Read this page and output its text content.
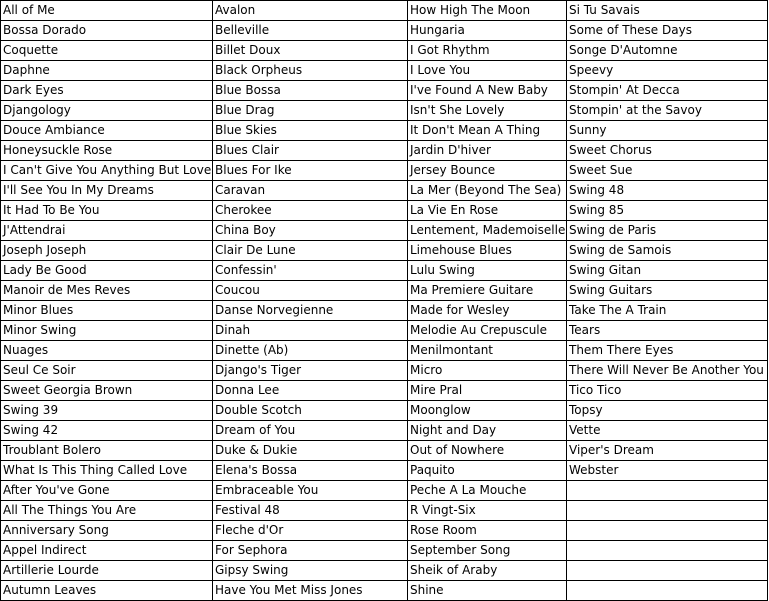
All of Me	Avalon	How High The Moon	Si Tu Savais
Bossa Dorado	Belleville	Hungaria	Some of These Days
Coquette	Billet Doux	I Got Rhythm	Songe D'Automne
Daphne	Black Orpheus	I Love You	Speevy
Dark Eyes	Blue Bossa	I've Found A New Baby	Stompin' At Decca
Djangology	Blue Drag	Isn't She Lovely	Stompin' at the Savoy
Douce Ambiance	Blue Skies	It Don't Mean A Thing	Sunny
Honeysuckle Rose	Blues Clair	Jardin D'hiver	Sweet Chorus
I Can't Give You Anything But Love	Blues For Ike	Jersey Bounce	Sweet Sue
I'll See You In My Dreams	Caravan	La Mer (Beyond The Sea)	Swing 48
It Had To Be You	Cherokee	La Vie En Rose	Swing 85
J'Attendrai	China Boy	Lentement, Mademoiselle	Swing de Paris
Joseph Joseph	Clair De Lune	Limehouse Blues	Swing de Samois
Lady Be Good	Confessin'	Lulu Swing	Swing Gitan
Manoir de Mes Reves	Coucou	Ma Premiere Guitare	Swing Guitars
Minor Blues	Danse Norvegienne	Made for Wesley	Take The A Train
Minor Swing	Dinah	Melodie Au Crepuscule	Tears
Nuages	Dinette (Ab)	Menilmontant	Them There Eyes
Seul Ce Soir	Django's Tiger	Micro	There Will Never Be Another You
Sweet Georgia Brown	Donna Lee	Mire Pral	Tico Tico
Swing 39	Double Scotch	Moonglow	Topsy
Swing 42	Dream of You	Night and Day	Vette
Troublant Bolero	Duke & Dukie	Out of Nowhere	Viper's Dream
What Is This Thing Called Love	Elena's Bossa	Paquito	Webster
After You've Gone	Embraceable You	Peche A La Mouche	
All The Things You Are	Festival 48	R Vingt-Six	
Anniversary Song	Fleche d'Or	Rose Room	
Appel Indirect	For Sephora	September Song	
Artillerie Lourde	Gipsy Swing	Sheik of Araby	
Autumn Leaves	Have You Met Miss Jones	Shine	
